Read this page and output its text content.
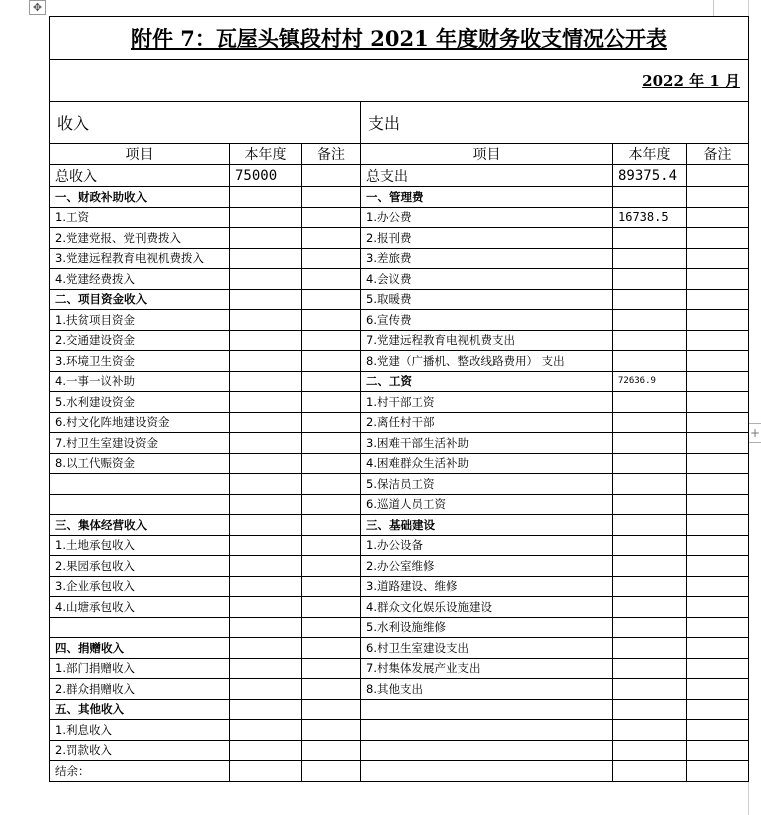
✥
+
附件 7：瓦屋头镇段村村 2021 年度财务收支情况公开表					
2022 年 1 月					
收入			支出		
项目	本年度	备注	项目	本年度	备注
总收入	75000		总支出	89375.4	
一、财政补助收入			一、管理费		
1.工资			1.办公费	16738.5	
2.党建党报、党刊费拨入			2.报刊费		
3.党建远程教育电视机费拨入			3.差旅费		
4.党建经费拨入			4.会议费		
二、项目资金收入			5.取暖费		
1.扶贫项目资金			6.宣传费		
2.交通建设资金			7.党建远程教育电视机费支出		
3.环境卫生资金			8.党建（广播机、整改线路费用） 支出		
4.一事一议补助			二、工资	72636.9	
5.水利建设资金			1.村干部工资		
6.村文化阵地建设资金			2.离任村干部		
7.村卫生室建设资金			3.困难干部生活补助		
8.以工代赈资金			4.困难群众生活补助		
			5.保洁员工资		
			6.巡道人员工资		
三、集体经营收入			三、基础建设		
1.土地承包收入			1.办公设备		
2.果园承包收入			2.办公室维修		
3.企业承包收入			3.道路建设、维修		
4.山塘承包收入			4.群众文化娱乐设施建设		
			5.水利设施维修		
四、捐赠收入			6.村卫生室建设支出		
1.部门捐赠收入			7.村集体发展产业支出		
2.群众捐赠收入			8.其他支出		
五、其他收入					
1.利息收入					
2.罚款收入					
结余：					
